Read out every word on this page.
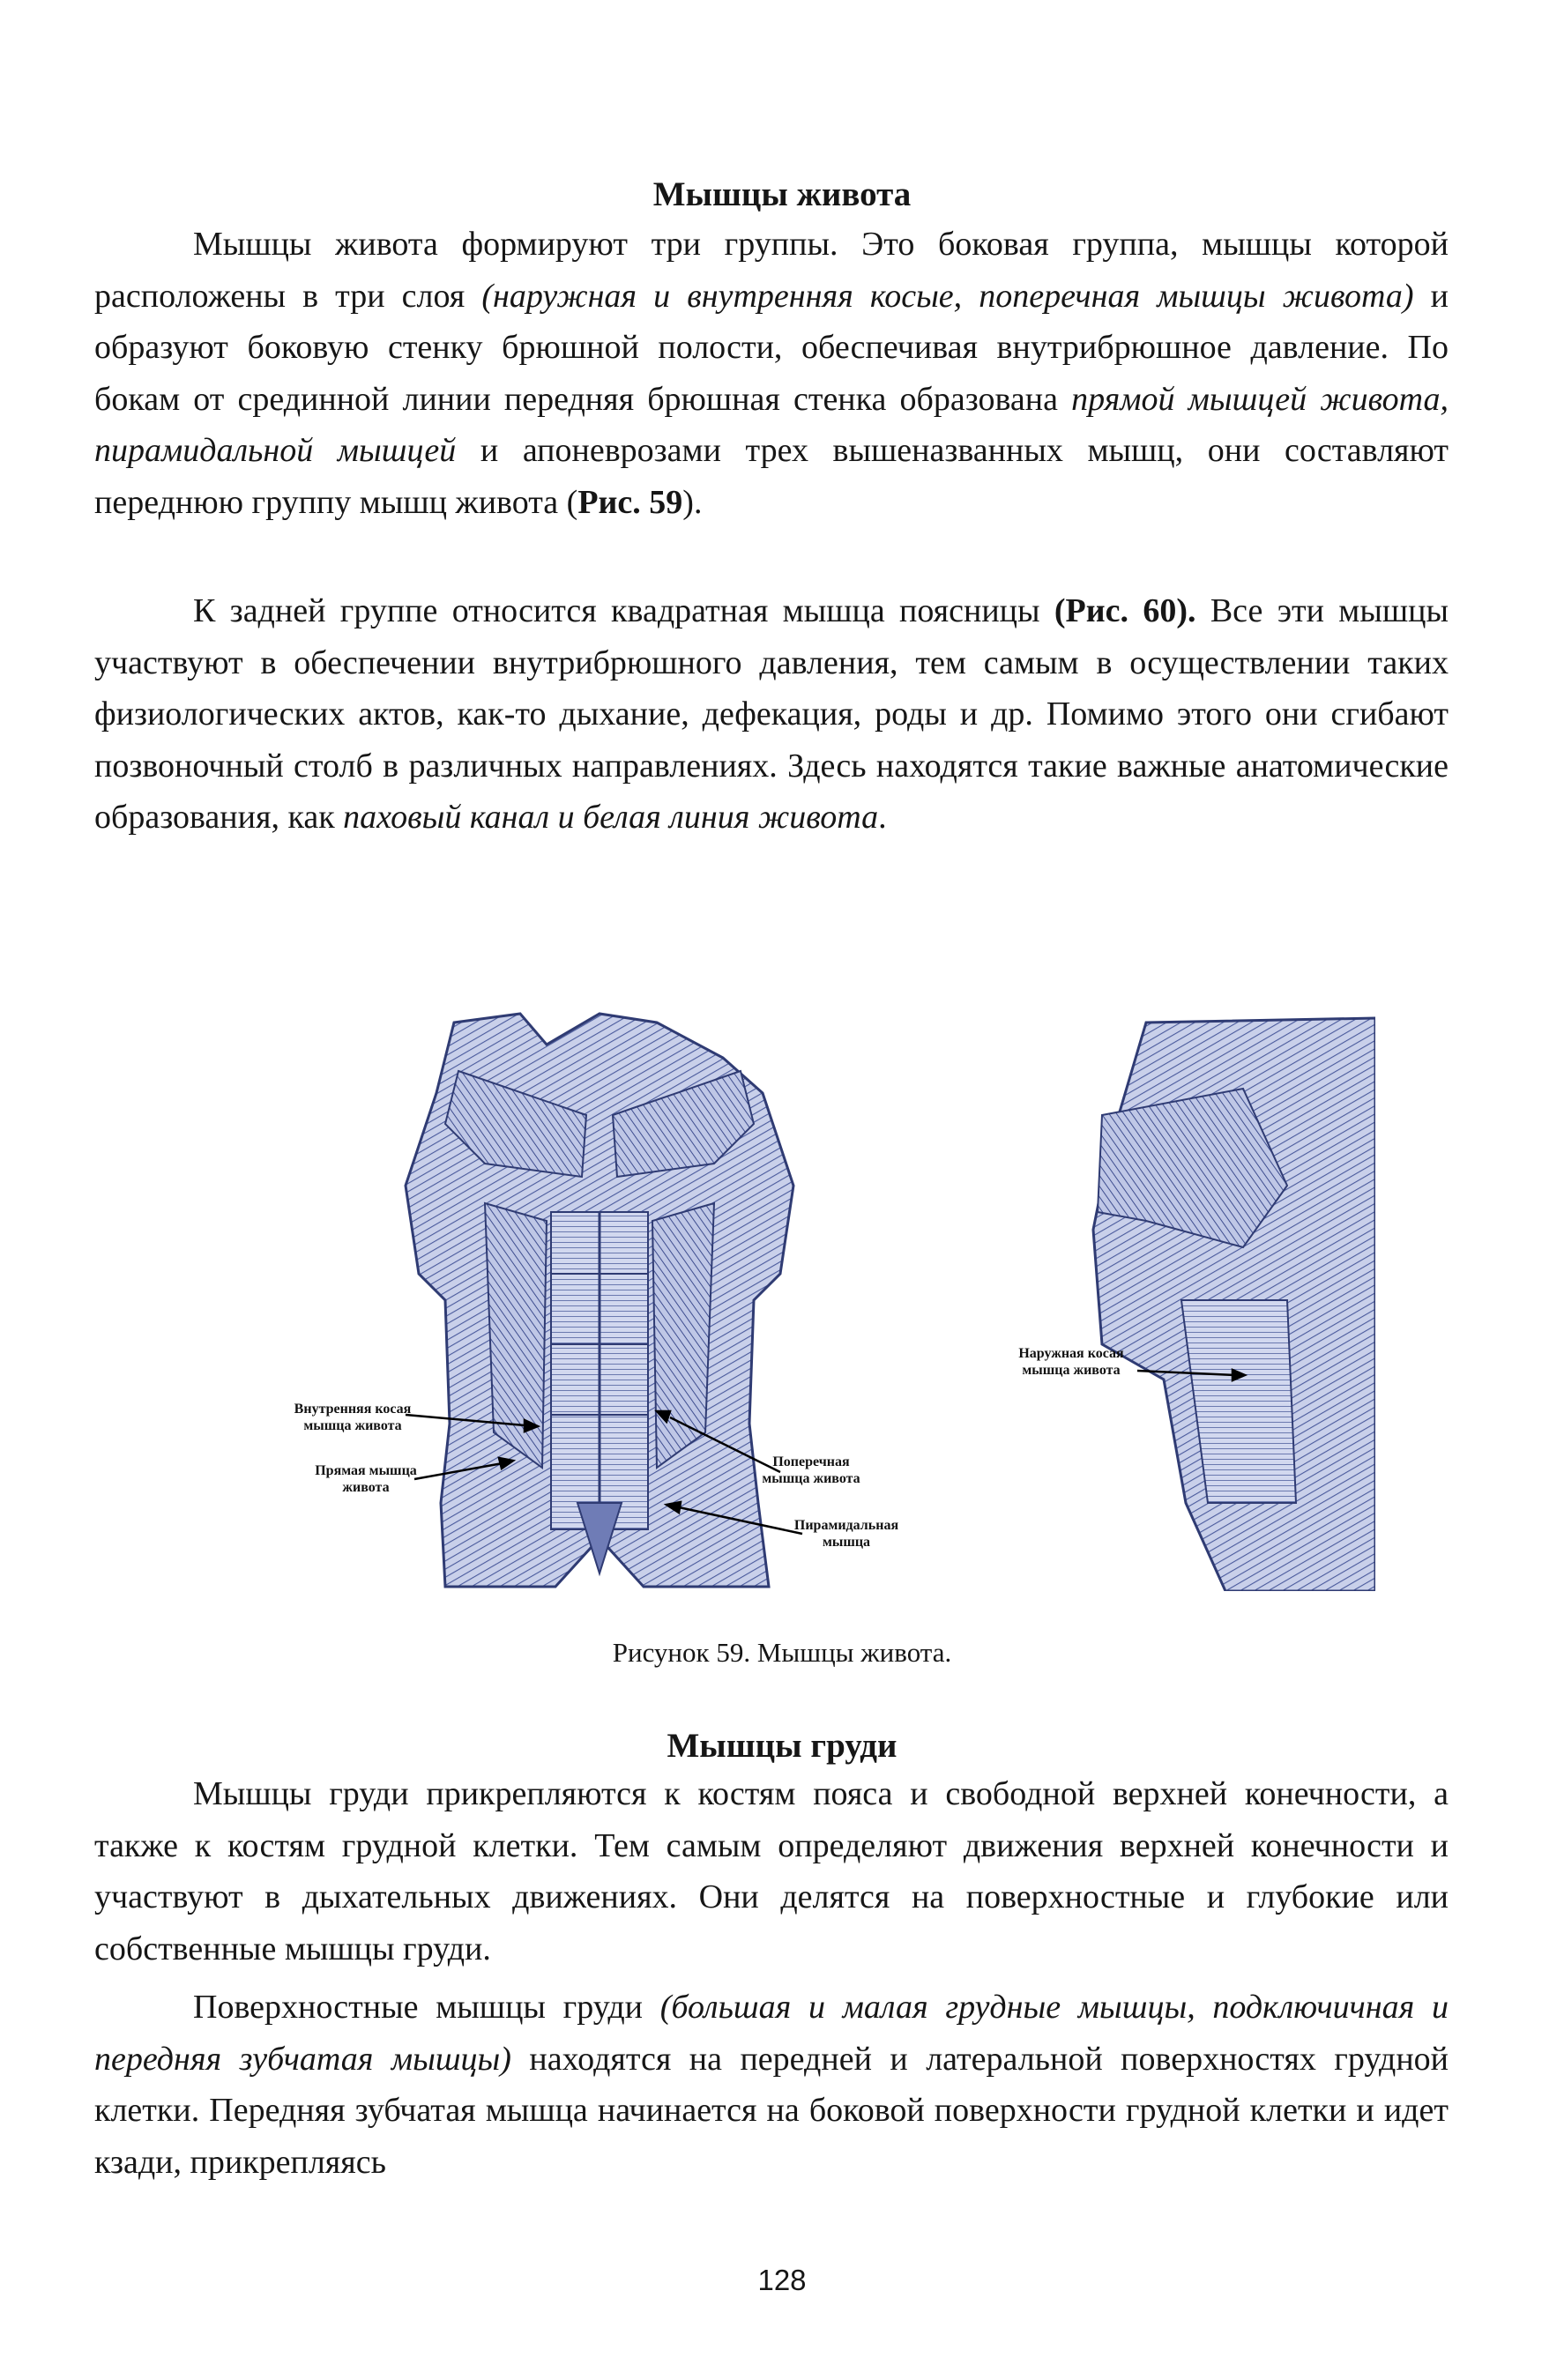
Мышцы живота

Мышцы живота формируют три группы. Это боковая группа, мышцы которой расположены в три слоя (наружная и внутренняя косые, поперечная мышцы живота) и образуют боковую стенку брюшной полости, обеспечивая внутрибрюшное давление. По бокам от срединной линии передняя брюшная стенка образована прямой мышцей живота, пирамидальной мышцей и апоневрозами трех вышеназванных мышц, они составляют переднюю группу мышц живота (Рис. 59).

К задней группе относится квадратная мышца поясницы (Рис. 60). Все эти мышцы участвуют в обеспечении внутрибрюшного давления, тем самым в осуществлении таких физиологических актов, как-то дыхание, дефекация, роды и др. Помимо этого они сгибают позвоночный столб в различных направлениях. Здесь находятся такие важные анатомические образования, как паховый канал и белая линия живота.

Внутренняя косая
мышца живота
Прямая мышца
живота
Поперечная
мышца живота
Пирамидальная
мышца
Наружная косая
мышца живота
Рисунок 59. Мышцы живота.
Мышцы груди

Мышцы груди прикрепляются к костям пояса и свободной верхней конечности, а также к костям грудной клетки. Тем самым определяют движения верхней конечности и участвуют в дыхательных движениях. Они делятся на поверхностные и глубокие или собственные мышцы груди.

Поверхностные мышцы груди (большая и малая грудные мышцы, подключичная и передняя зубчатая мышцы) находятся на передней и латеральной поверхностях грудной клетки. Передняя зубчатая мышца начинается на боковой поверхности грудной клетки и идет кзади, прикрепляясь

128
